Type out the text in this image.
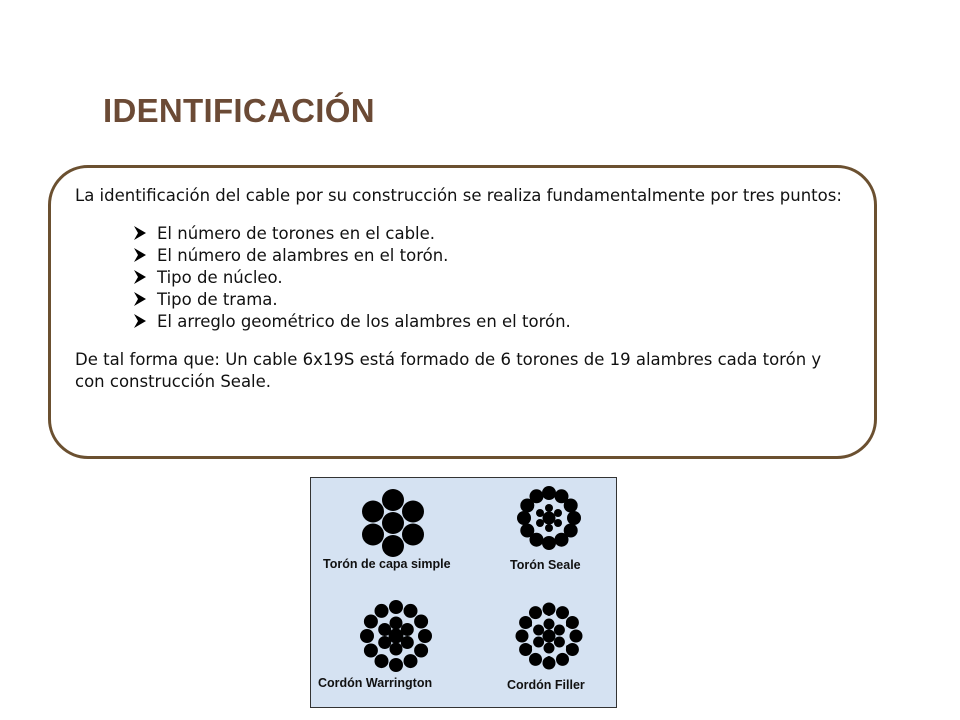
IDENTIFICACIÓN

La identificación del cable por su construcción se realiza fundamentalmente por tres puntos:

El número de torones en el cable.
El número de alambres en el torón.
Tipo de núcleo.
Tipo de trama.
El arreglo geométrico de los alambres en el torón.

De tal forma que: Un cable 6x19S está formado de 6 torones de 19 alambres cada torón y con construcción Seale.

Torón de capa simple	Torón Seale
Cordón Warrington	Cordón Filler
